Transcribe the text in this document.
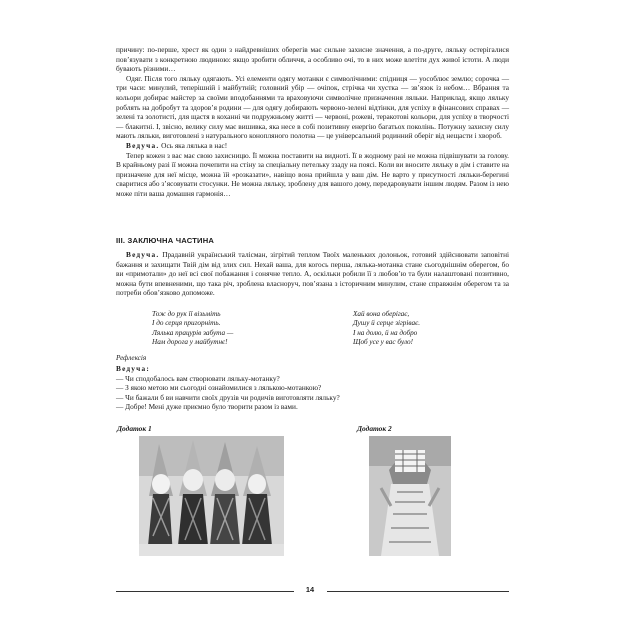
причину: по-перше, хрест як один з найдревніших оберегів має сильне захисне значення, а по-друге, ляльку остерігалися пов’язувати з конкретною людиною: якщо зробити обличчя, а особливо очі, то в них може влетіти дух живої істоти. А люди бувають різними…

Одяг. Після того ляльку одягають. Усі елементи одягу мотанки є символічними: спідниця — уособлює землю; сорочка — три часи: минулий, теперішній і майбутній; головний убір — очіпок, стрічка чи хустка — зв’язок із небом… Вбрання та кольори добирає майстер за своїми вподобаннями та враховуючи символічне призначення ляльки. Наприклад, якщо ляльку роблять на добробут та здоров’я родини — для одягу добирають червоно-зелені відтінки, для успіху в фінансових справах — зелені та золотисті, для щастя в коханні чи подружньому житті — червоні, рожеві, теракотові кольори, для успіху в творчості — блакитні. І, звісно, велику силу має вишивка, яка несе в собі позитивну енергію багатьох поколінь. Потужну захисну силу мають ляльки, виготовлені з натурального конопляного полотна — це універсальний родинний оберіг від нещасти і хвороб.

Ведуча. Ось яка лялька в нас!

Тепер кожен з вас має свою захисницю. Її можна поставити на видноті. Її в жодному разі не можна підвішувати за голову. В крайньому разі її можна почепити на стіну за спеціальну петельку ззаду на поясі. Коли ви вносите ляльку в дім і ставите на призначене для неї місце, можна їй «розказати», навіщо вона прийшла у ваш дім. Не варто у присутності ляльки-берегині сваритися або з’ясовувати стосунки. Не можна ляльку, зроблену для вашого дому, передаровувати іншим людям. Разом із нею може піти ваша домашня гармонія…

ІІІ. ЗАКЛЮЧНА ЧАСТИНА

Ведуча. Прадавній український талісман, зігрітий теплом Твоїх маленьких долоньок, готовий здійснювати заповітні бажання и захищати Твій дім від злих сил. Нехай ваша, для когось перша, лялька-мотанка стане сьогоднішнім оберегом, бо ви «примотали» до неї всі свої побажання і сонячне тепло. А, оскільки робили її з любов’ю та були налаштовані позитивно, можна бути впевненими, що така річ, зроблена власноруч, пов’язана з історичним минулим, стане справжнім оберегом та за потреби обов’язково допоможе.

Тож до рук її візьміть
І до серця пригорніть.
Лялька працурів забута —
Нам дорога у майбутнє!
Хай вона оберігає,
Душу й серце зігріває.
І на долю, й на добро
Щоб усе у вас було!
Рефлексія
Ведуча:
— Чи сподобалось вам створювати ляльку-мотанку?
— З якою метою ми сьогодні ознайомилися з лялькою-мотанкою?
— Чи бажали б ви навчити своїх друзів чи родичів виготовляти ляльку?
— Добре! Мені дуже приємно було творити разом із вами.
Додаток 1	Додаток 2
14
